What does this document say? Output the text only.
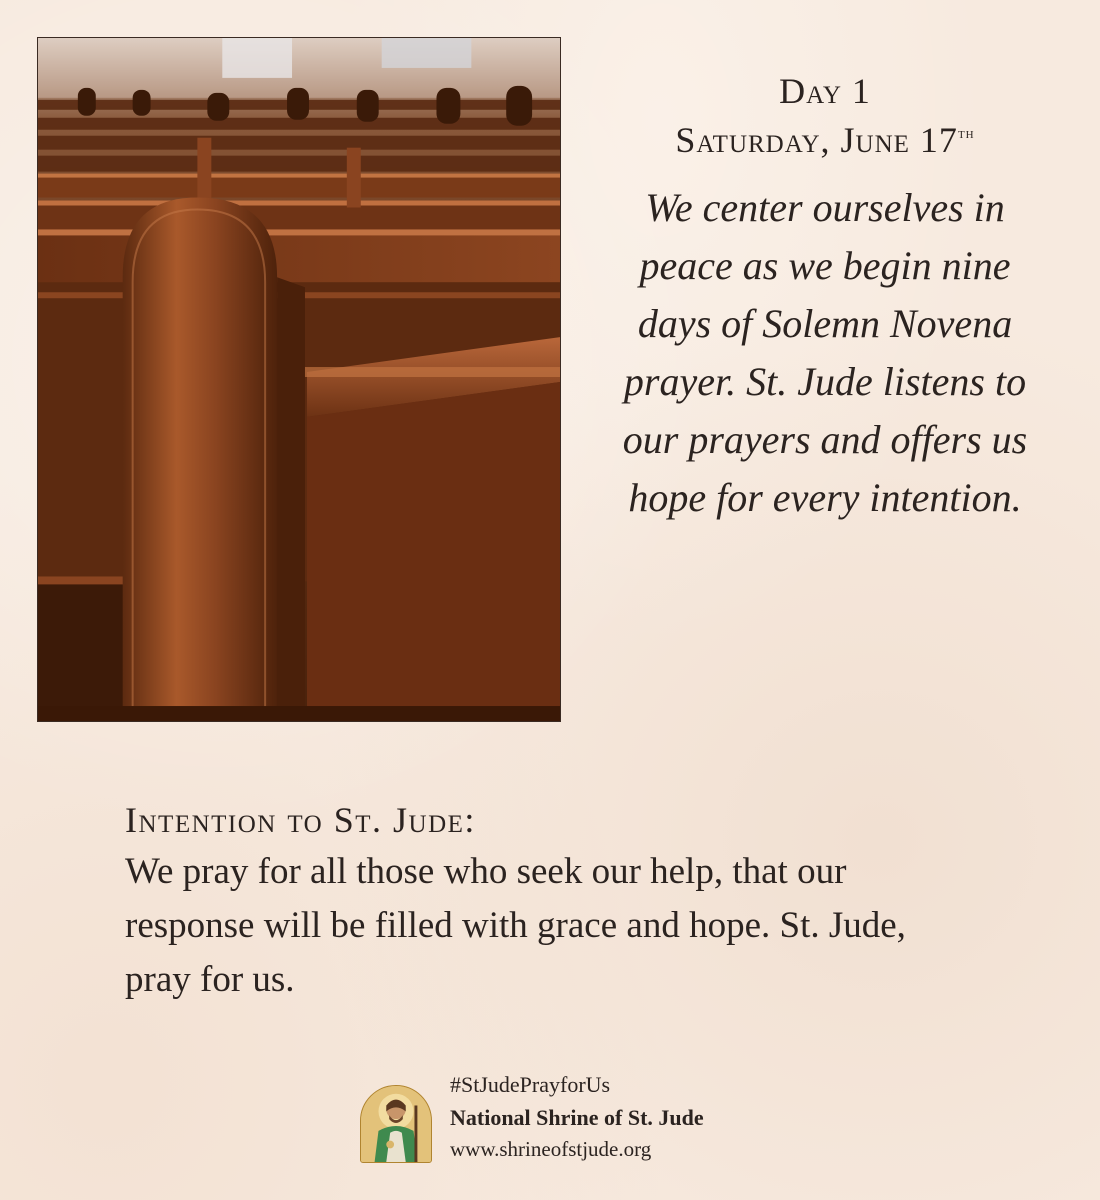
Day 1
Saturday, June 17th
We center ourselves in
peace as we begin nine
days of Solemn Novena
prayer. St. Jude listens to
our prayers and offers us
hope for every intention.
Intention to St. Jude:
We pray for all those who seek our help, that our
response will be filled with grace and hope. St. Jude,
pray for us.
#StJudePrayforUs
National Shrine of St. Jude
www.shrineofstjude.org
